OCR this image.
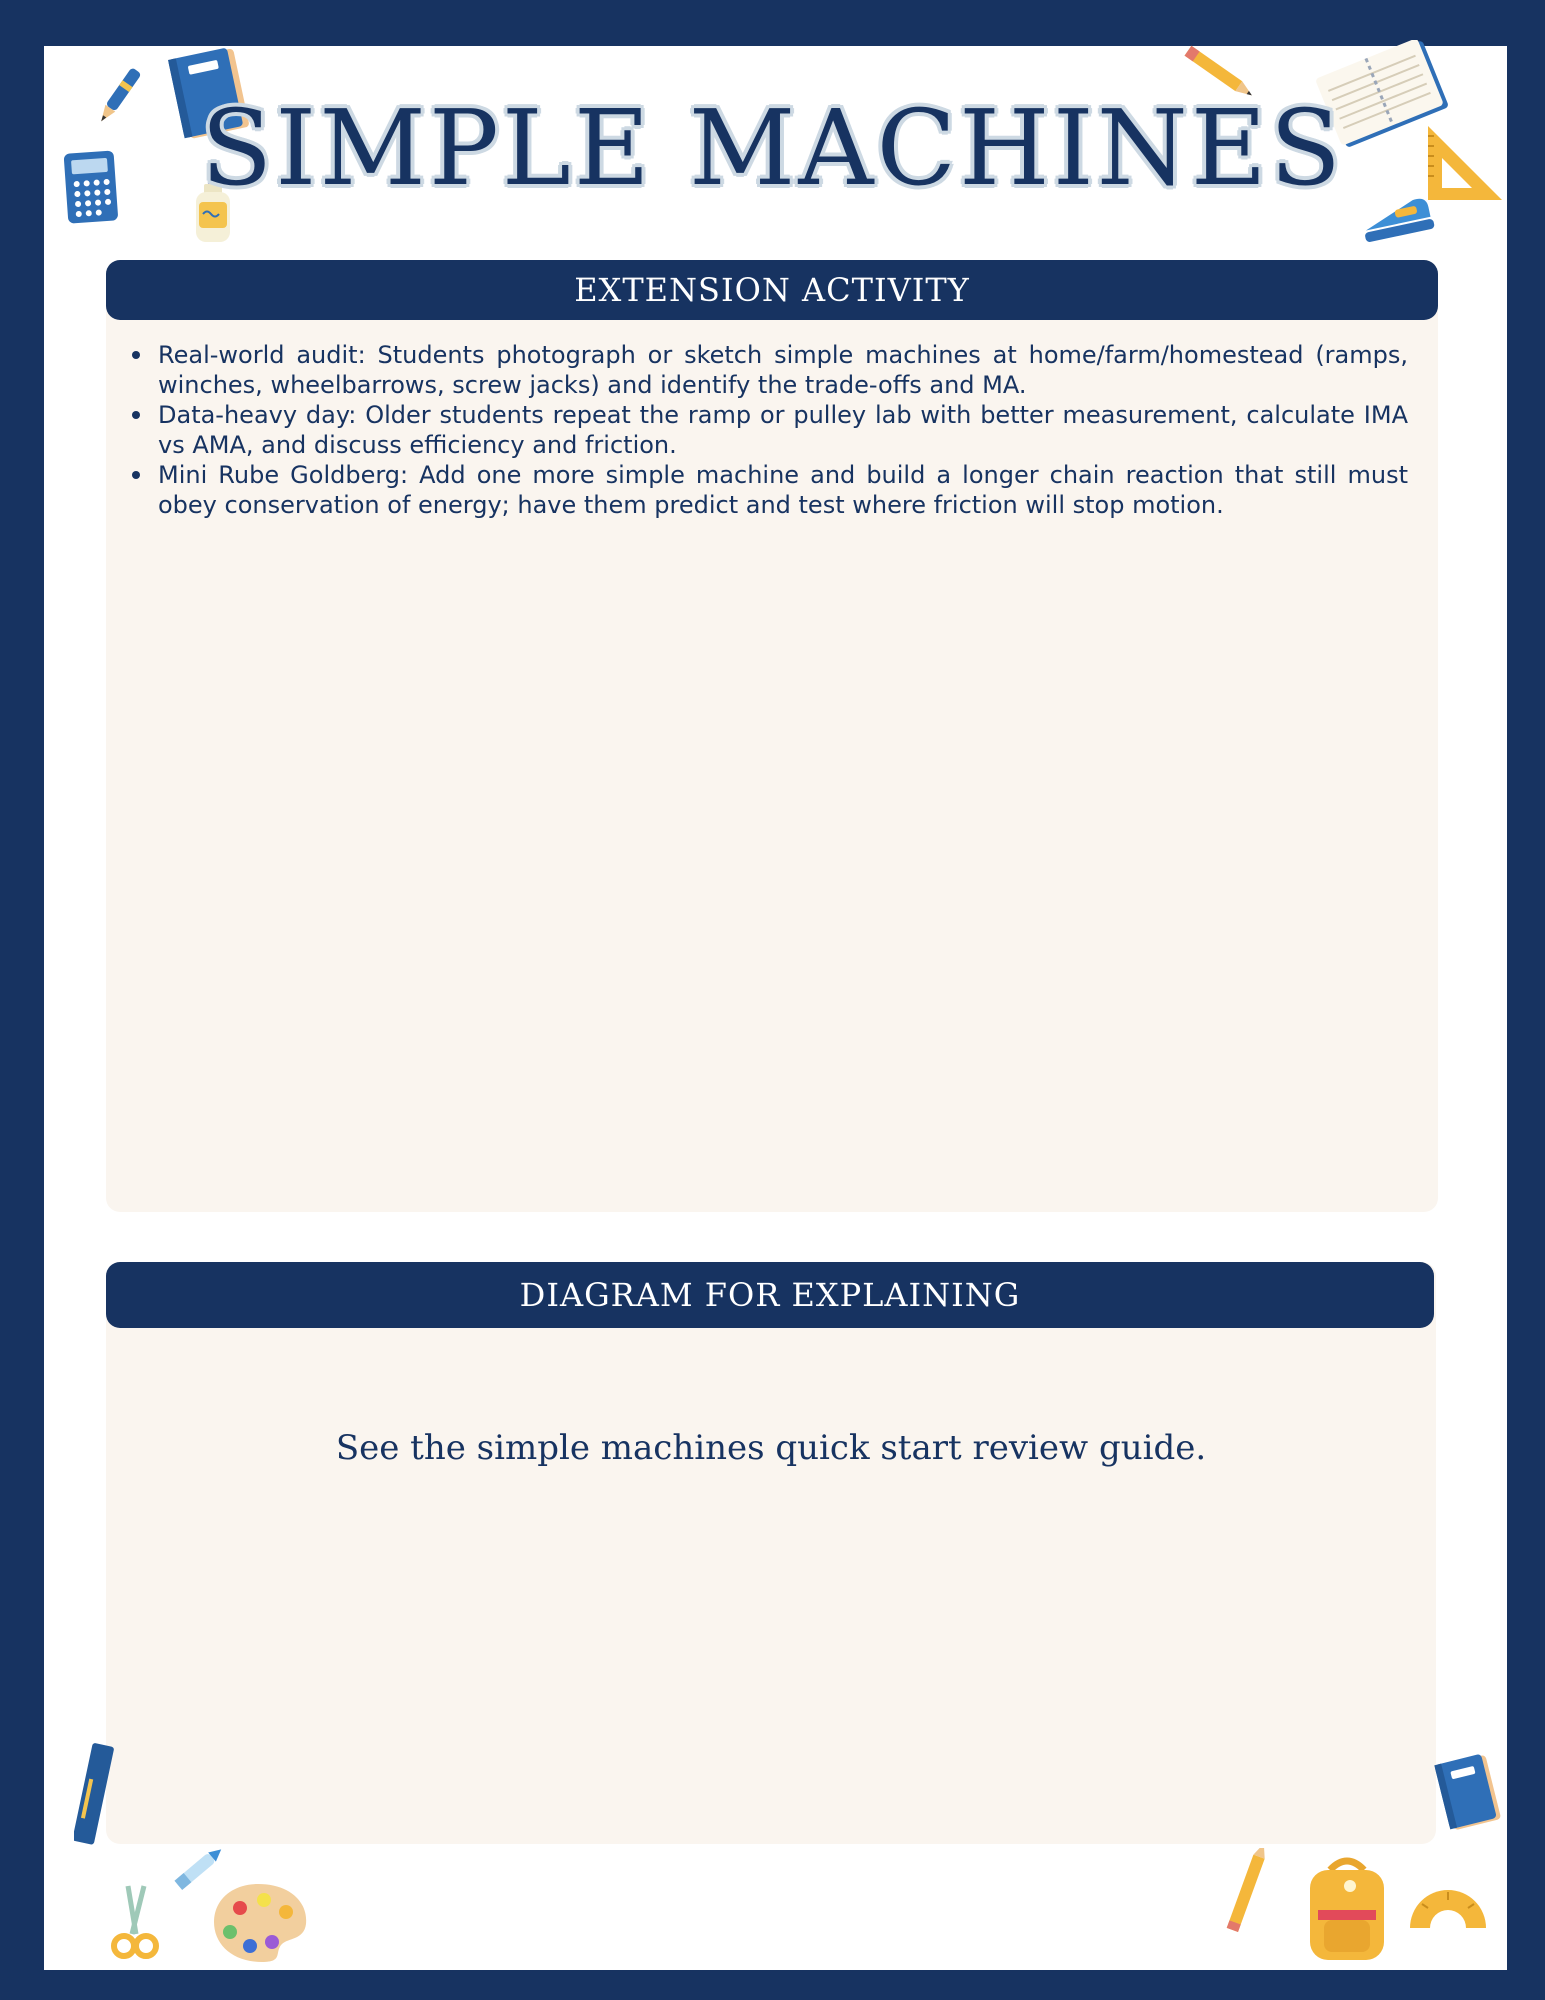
SIMPLE MACHINES
EXTENSION ACTIVITY
Real-world audit: Students photograph or sketch simple machines at home/farm/homestead (ramps, winches, wheelbarrows, screw jacks) and identify the trade-offs and MA.
Data-heavy day: Older students repeat the ramp or pulley lab with better measurement, calculate IMA vs AMA, and discuss efficiency and friction.
Mini Rube Goldberg: Add one more simple machine and build a longer chain reaction that still must obey conservation of energy; have them predict and test where friction will stop motion.
DIAGRAM FOR EXPLAINING
See the simple machines quick start review guide.
